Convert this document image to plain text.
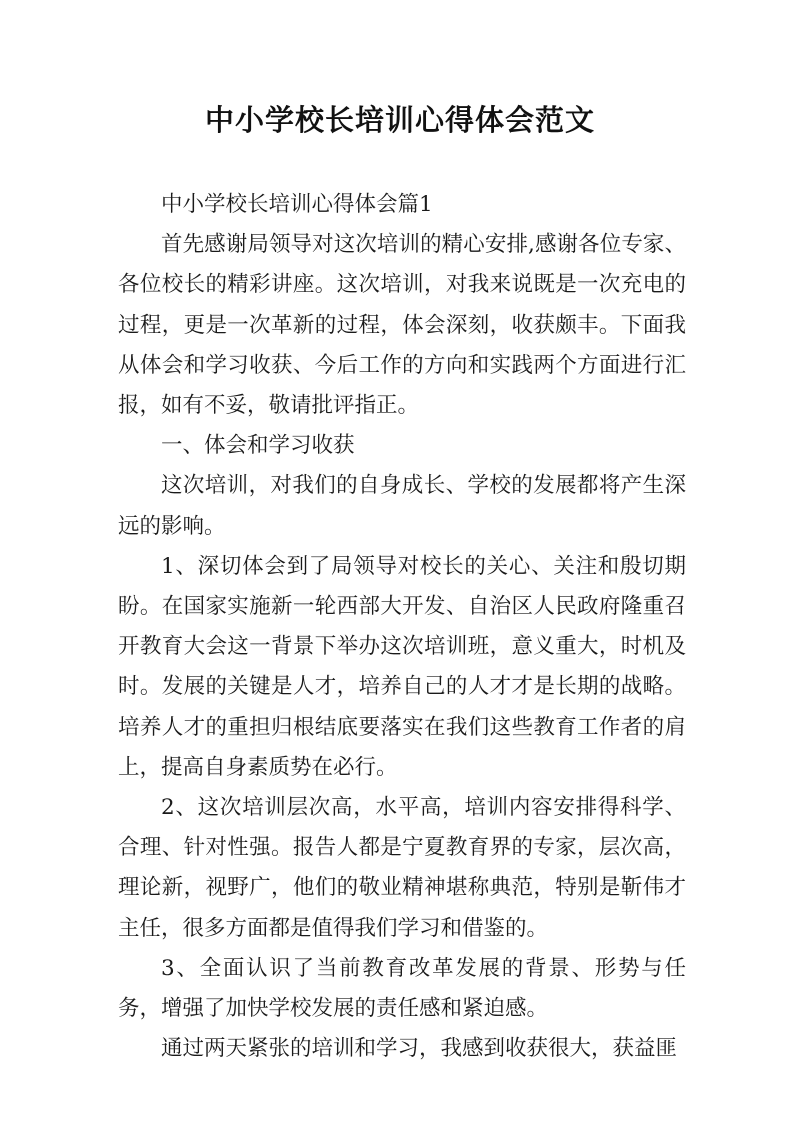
中小学校长培训心得体会范文

中小学校长培训心得体会篇1

首先感谢局领导对这次培训的精心安排,感谢各位专家、各位校长的精彩讲座。这次培训，对我来说既是一次充电的过程，更是一次革新的过程，体会深刻，收获颇丰。下面我从体会和学习收获、今后工作的方向和实践两个方面进行汇报，如有不妥，敬请批评指正。

一、体会和学习收获

这次培训，对我们的自身成长、学校的发展都将产生深远的影响。

1、深切体会到了局领导对校长的关心、关注和殷切期盼。在国家实施新一轮西部大开发、自治区人民政府隆重召开教育大会这一背景下举办这次培训班，意义重大，时机及时。发展的关键是人才，培养自己的人才才是长期的战略。培养人才的重担归根结底要落实在我们这些教育工作者的肩上，提高自身素质势在必行。

2、这次培训层次高，水平高，培训内容安排得科学、合理、针对性强。报告人都是宁夏教育界的专家，层次高，理论新，视野广，他们的敬业精神堪称典范，特别是靳伟才主任，很多方面都是值得我们学习和借鉴的。

3、全面认识了当前教育改革发展的背景、形势与任务，增强了加快学校发展的责任感和紧迫感。

通过两天紧张的培训和学习，我感到收获很大，获益匪
